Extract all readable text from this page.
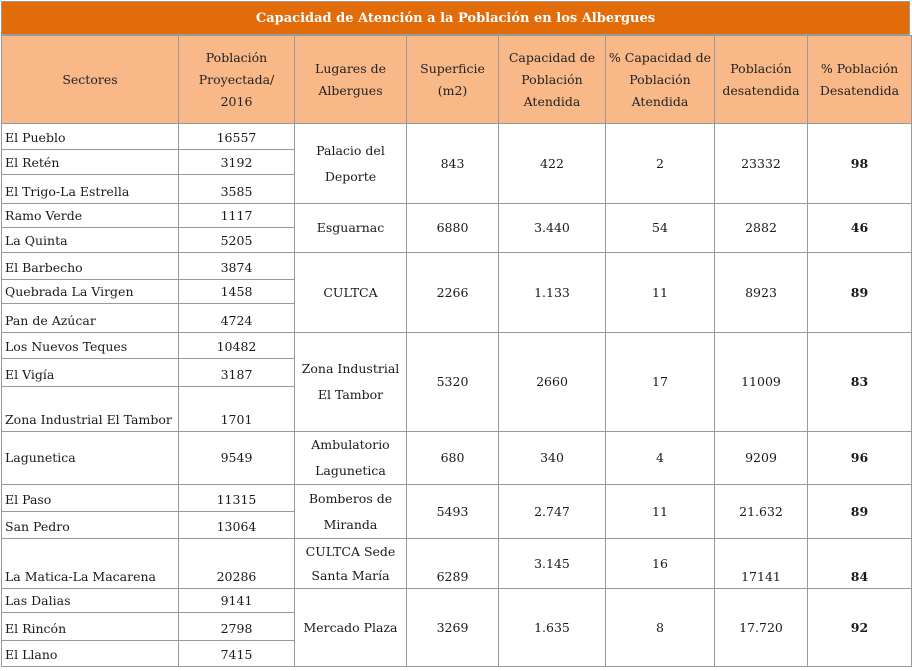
Capacidad de Atención a la Población en los Albergues
Sectores	Población Proyectada/ 2016	Lugares de Albergues	Superficie (m2)	Capacidad de Población Atendida	% Capacidad de Población Atendida	Población desatendida	% Población Desatendida
El Pueblo	16557	Palacio del Deporte	843	422	2	23332	98
El Retén	3192						
El Trigo-La Estrella	3585						
Ramo Verde	1117	Esguarnac	6880	3.440	54	2882	46
La Quinta	5205						
El Barbecho	3874	CULTCA	2266	1.133	11	8923	89
Quebrada La Virgen	1458						
Pan de Azúcar	4724						
Los Nuevos Teques	10482	Zona Industrial El Tambor	5320	2660	17	11009	83
El Vigía	3187						
Zona Industrial El Tambor	1701						
Lagunetica	9549	Ambulatorio Lagunetica	680	340	4	9209	96
El Paso	11315	Bomberos de Miranda	5493	2.747	11	21.632	89
San Pedro	13064						
La Matica-La Macarena	20286	CULTCA Sede Santa María	6289	3.145	16	17141	84
Las Dalias	9141	Mercado Plaza	3269	1.635	8	17.720	92
El Rincón	2798						
El Llano	7415						
